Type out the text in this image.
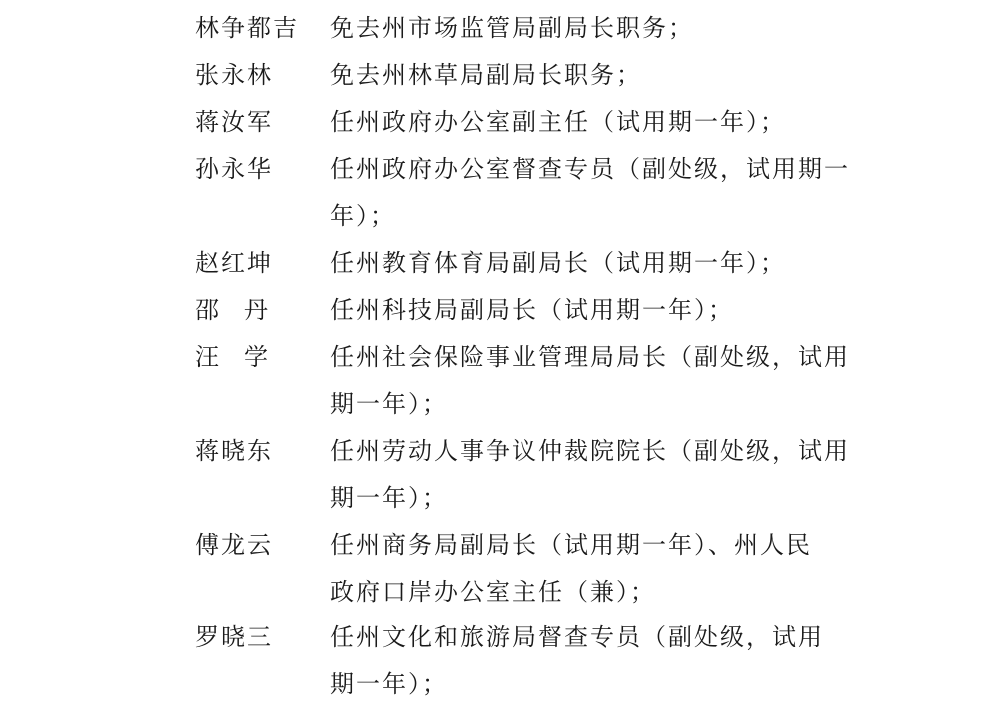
林争都吉 免去州市场监管局副局长职务；
张永林 免去州林草局副局长职务；
蒋汝军 任州政府办公室副主任（试用期一年）；
孙永华 任州政府办公室督查专员（副处级，试用期一
年）；
赵红坤 任州教育体育局副局长（试用期一年）；
邵丹 任州科技局副局长（试用期一年）；
汪学 任州社会保险事业管理局局长（副处级，试用
期一年）；
蒋晓东 任州劳动人事争议仲裁院院长（副处级，试用
期一年）；
傅龙云 任州商务局副局长（试用期一年）、州人民
政府口岸办公室主任（兼）；
罗晓三 任州文化和旅游局督查专员（副处级，试用
期一年）；
